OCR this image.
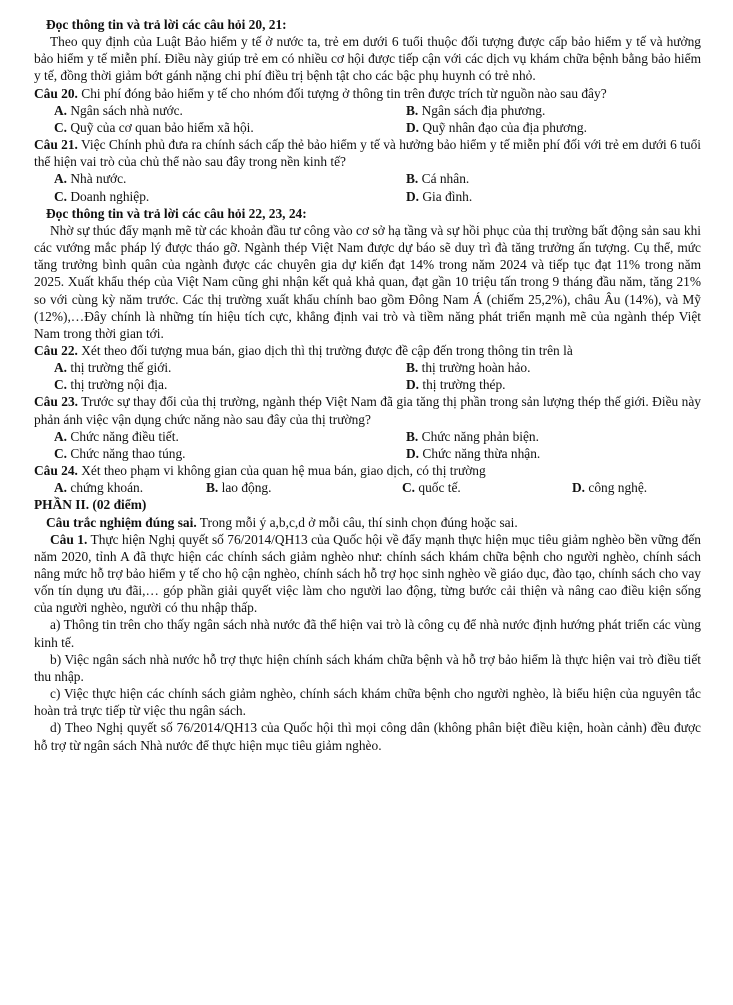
Đọc thông tin và trả lời các câu hỏi 20, 21:

Theo quy định của Luật Bảo hiểm y tế ở nước ta, trẻ em dưới 6 tuổi thuộc đối tượng được cấp bảo hiểm y tế và hưởng bảo hiểm y tế miễn phí. Điều này giúp trẻ em có nhiều cơ hội được tiếp cận với các dịch vụ khám chữa bệnh bằng bảo hiểm y tế, đồng thời giảm bớt gánh nặng chi phí điều trị bệnh tật cho các bậc phụ huynh có trẻ nhỏ.

Câu 20. Chi phí đóng bảo hiểm y tế cho nhóm đối tượng ở thông tin trên được trích từ nguồn nào sau đây?

A. Ngân sách nhà nước.	B. Ngân sách địa phương.
C. Quỹ của cơ quan bảo hiểm xã hội.	D. Quỹ nhân đạo của địa phương.

Câu 21. Việc Chính phủ đưa ra chính sách cấp thẻ bảo hiểm y tế và hưởng bảo hiểm y tế miễn phí đối với trẻ em dưới 6 tuổi thể hiện vai trò của chủ thể nào sau đây trong nền kinh tế?

A. Nhà nước.	B. Cá nhân.
C. Doanh nghiệp.	D. Gia đình.

Đọc thông tin và trả lời các câu hỏi 22, 23, 24:

Nhờ sự thúc đẩy mạnh mẽ từ các khoản đầu tư công vào cơ sở hạ tầng và sự hồi phục của thị trường bất động sản sau khi các vướng mắc pháp lý được tháo gỡ. Ngành thép Việt Nam được dự báo sẽ duy trì đà tăng trưởng ấn tượng. Cụ thể, mức tăng trưởng bình quân của ngành được các chuyên gia dự kiến đạt 14% trong năm 2024 và tiếp tục đạt 11% trong năm 2025. Xuất khẩu thép của Việt Nam cũng ghi nhận kết quả khả quan, đạt gần 10 triệu tấn trong 9 tháng đầu năm, tăng 21% so với cùng kỳ năm trước. Các thị trường xuất khẩu chính bao gồm Đông Nam Á (chiếm 25,2%), châu Âu (14%), và Mỹ (12%),…Đây chính là những tín hiệu tích cực, khẳng định vai trò và tiềm năng phát triển mạnh mẽ của ngành thép Việt Nam trong thời gian tới.

Câu 22. Xét theo đối tượng mua bán, giao dịch thì thị trường được đề cập đến trong thông tin trên là

A. thị trường thế giới.	B. thị trường hoàn hảo.
C. thị trường nội địa.	D. thị trường thép.

Câu 23. Trước sự thay đổi của thị trường, ngành thép Việt Nam đã gia tăng thị phần trong sản lượng thép thế giới. Điều này phản ánh việc vận dụng chức năng nào sau đây của thị trường?

A. Chức năng điều tiết.	B. Chức năng phản biện.
C. Chức năng thao túng.	D. Chức năng thừa nhận.

Câu 24. Xét theo phạm vi không gian của quan hệ mua bán, giao dịch, có thị trường

A. chứng khoán.	B. lao động.	C. quốc tế.	D. công nghệ.

PHẦN II. (02 điểm)

Câu trắc nghiệm đúng sai. Trong mỗi ý a,b,c,d ở mỗi câu, thí sinh chọn đúng hoặc sai.

Câu 1. Thực hiện Nghị quyết số 76/2014/QH13 của Quốc hội về đẩy mạnh thực hiện mục tiêu giảm nghèo bền vững đến năm 2020, tỉnh A đã thực hiện các chính sách giảm nghèo như: chính sách khám chữa bệnh cho người nghèo, chính sách nâng mức hỗ trợ bảo hiểm y tế cho hộ cận nghèo, chính sách hỗ trợ học sinh nghèo về giáo dục, đào tạo, chính sách cho vay vốn tín dụng ưu đãi,… góp phần giải quyết việc làm cho người lao động, từng bước cải thiện và nâng cao điều kiện sống của người nghèo, người có thu nhập thấp.

a) Thông tin trên cho thấy ngân sách nhà nước đã thể hiện vai trò là công cụ để nhà nước định hướng phát triển các vùng kinh tế.

b) Việc ngân sách nhà nước hỗ trợ thực hiện chính sách khám chữa bệnh và hỗ trợ bảo hiểm là thực hiện vai trò điều tiết thu nhập.

c) Việc thực hiện các chính sách giảm nghèo, chính sách khám chữa bệnh cho người nghèo, là biểu hiện của nguyên tắc hoàn trả trực tiếp từ việc thu ngân sách.

d) Theo Nghị quyết số 76/2014/QH13 của Quốc hội thì mọi công dân (không phân biệt điều kiện, hoàn cảnh) đều được hỗ trợ từ ngân sách Nhà nước để thực hiện mục tiêu giảm nghèo.
